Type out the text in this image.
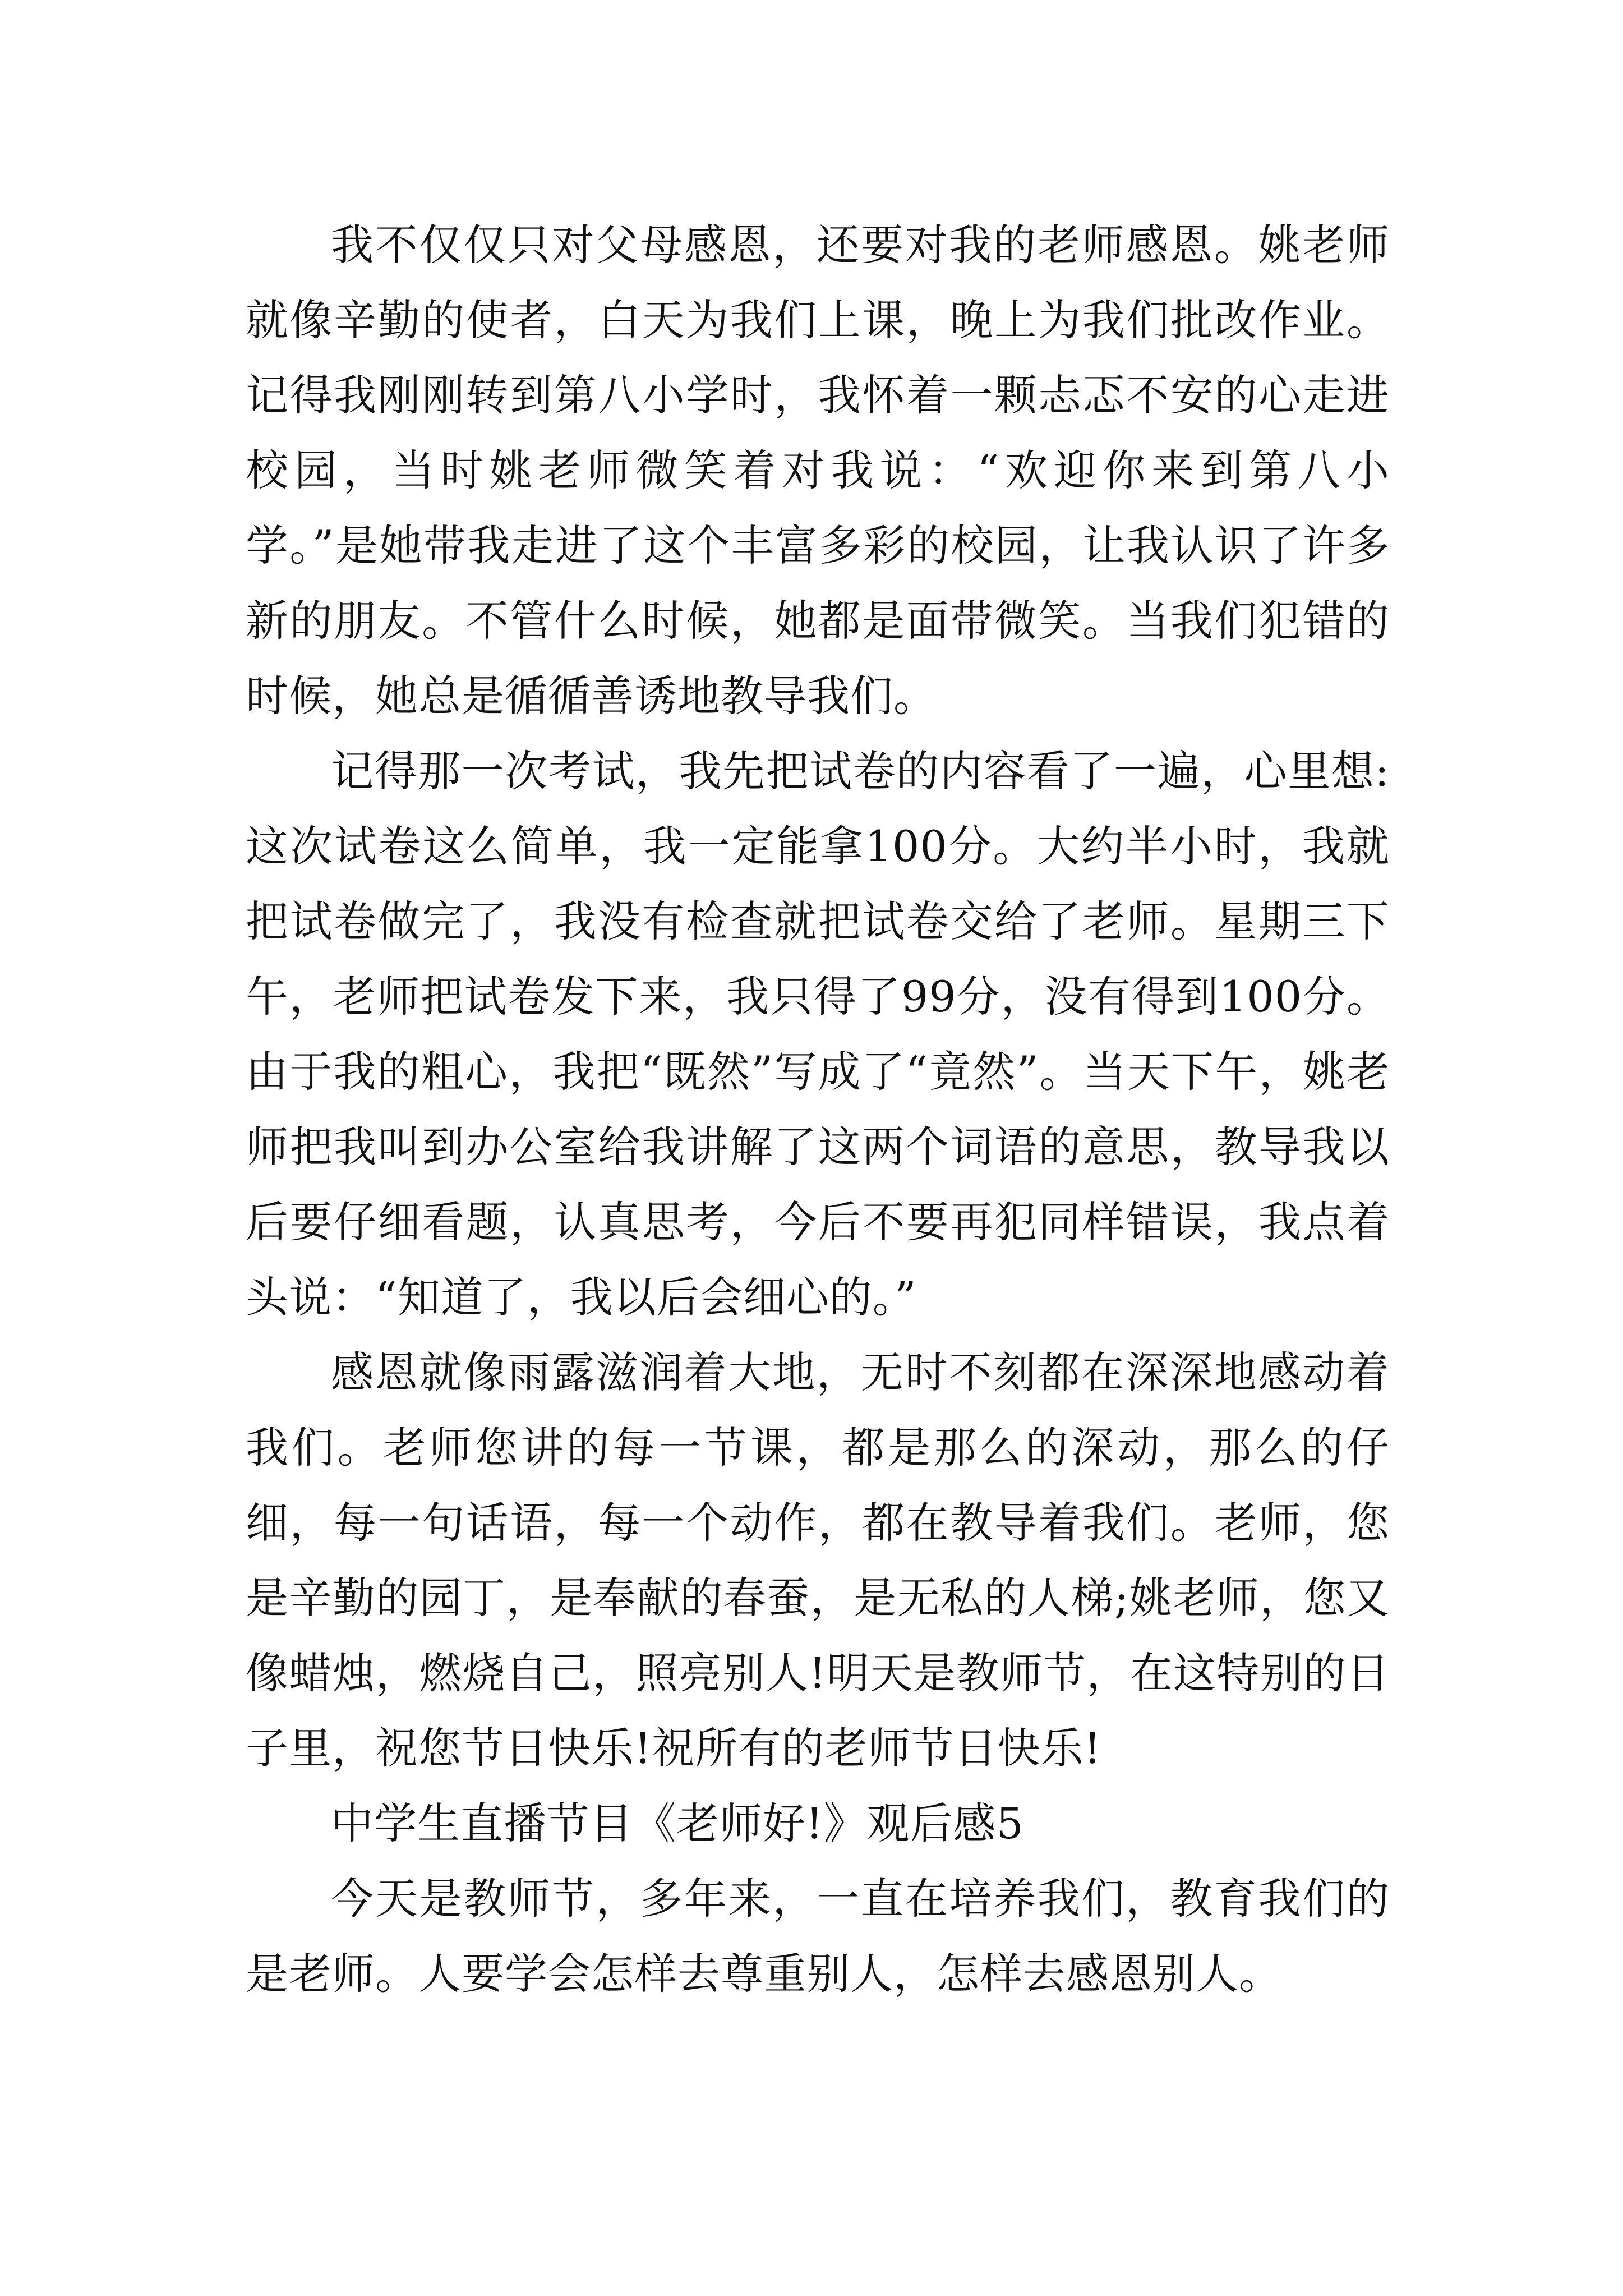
我不仅仅只对父母感恩，还要对我的老师感恩。姚老师就像辛勤的使者，白天为我们上课，晚上为我们批改作业。记得我刚刚转到第八小学时，我怀着一颗忐忑不安的心走进校园，当时姚老师微笑着对我说：“欢迎你来到第八小学。”是她带我走进了这个丰富多彩的校园，让我认识了许多新的朋友。不管什么时候，她都是面带微笑。当我们犯错的时候，她总是循循善诱地教导我们。

记得那一次考试，我先把试卷的内容看了一遍，心里想:这次试卷这么简单，我一定能拿100分。大约半小时，我就把试卷做完了，我没有检查就把试卷交给了老师。星期三下午，老师把试卷发下来，我只得了99分，没有得到100分。由于我的粗心，我把“既然”写成了“竟然”。当天下午，姚老师把我叫到办公室给我讲解了这两个词语的意思，教导我以后要仔细看题，认真思考，今后不要再犯同样错误，我点着头说：“知道了，我以后会细心的。”

感恩就像雨露滋润着大地，无时不刻都在深深地感动着我们。老师您讲的每一节课，都是那么的深动，那么的仔细，每一句话语，每一个动作，都在教导着我们。老师，您是辛勤的园丁，是奉献的春蚕，是无私的人梯;姚老师，您又像蜡烛，燃烧自己，照亮别人!明天是教师节，在这特别的日子里，祝您节日快乐!祝所有的老师节日快乐!

中学生直播节目《老师好!》观后感5

今天是教师节，多年来，一直在培养我们，教育我们的是老师。人要学会怎样去尊重别人，怎样去感恩别人。
